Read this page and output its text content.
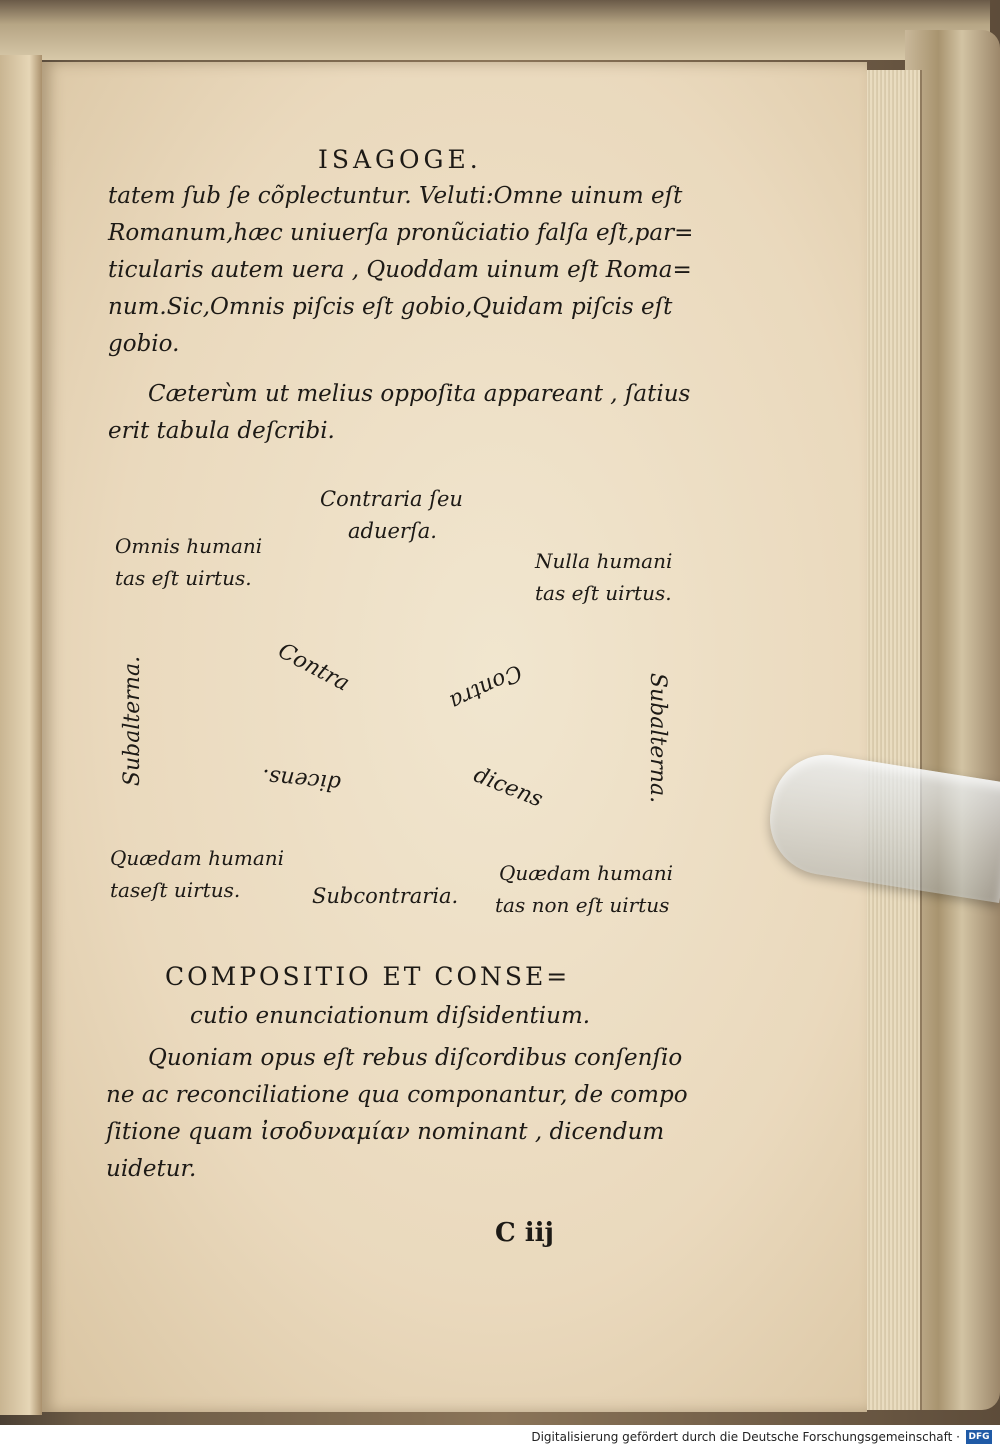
ISAGOGE.
tatem ſub ſe cõplectuntur. Veluti:Omne uinum eſt
Romanum,hæc uniuerſa pronũciatio falſa eſt,par=
ticularis autem uera , Quoddam uinum eſt Roma=
num.Sic,Omnis piſcis eſt gobio,Quidam piſcis eſt
gobio.
Cæterùm ut melius oppoſita appareant , ſatius
erit tabula deſcribi.
Contraria ſeu
aduerſa.
Omnis humani
tas eſt uirtus.
Nulla humani
tas eſt uirtus.
Subalterna.	Subalterna.
Contra	Contra
dicens.	dicens
Quædam humani
taseſt uirtus.	Subcontraria.
Quædam humani
tas non eſt uirtus
COMPOSITIO ET CONSE=
cutio enunciationum diſsidentium.
Quoniam opus eſt rebus diſcordibus conſenſio
ne ac reconciliatione qua componantur, de compo
ſitione quam ἰσοδυναμίαν nominant , dicendum
uidetur.
C iij
Digitalisierung gefördert durch die Deutsche Forschungsgemeinschaft · DFG
